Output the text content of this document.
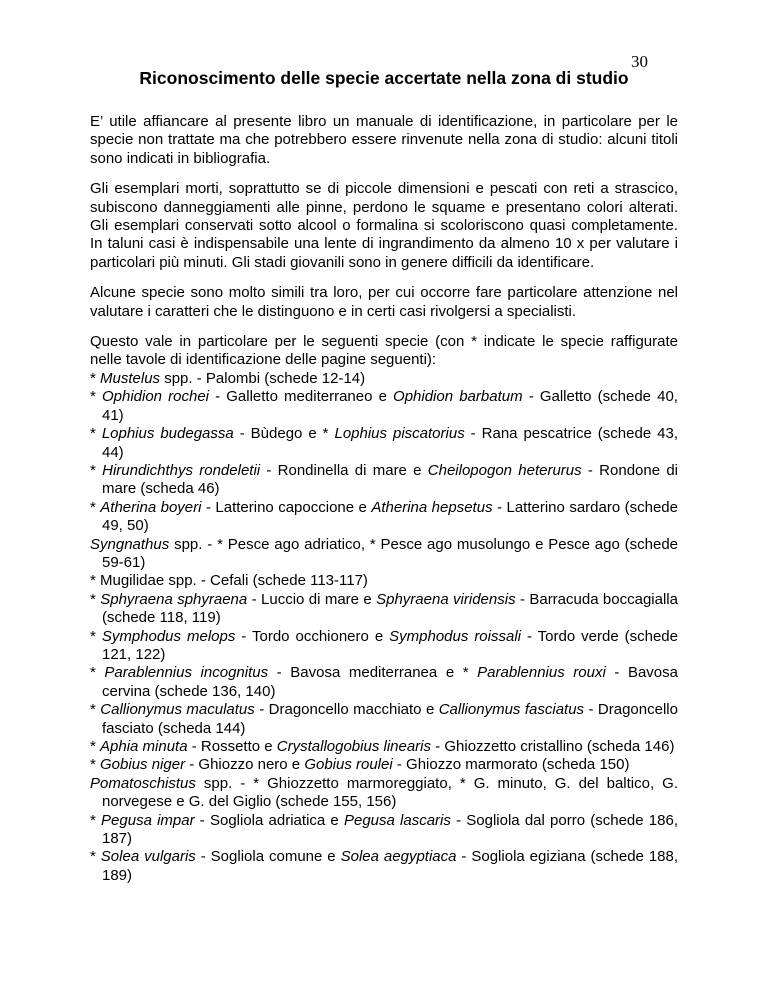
30
Riconoscimento delle specie accertate nella zona di studio

E’ utile affiancare al presente libro un manuale di identificazione, in particolare per le specie non trattate ma che potrebbero essere rinvenute nella zona di studio: alcuni titoli sono indicati in bibliografia.

Gli esemplari morti, soprattutto se di piccole dimensioni e pescati con reti a strascico, subiscono danneggiamenti alle pinne, perdono le squame e presentano colori alterati. Gli esemplari conservati sotto alcool o formalina si scoloriscono quasi completamente. In taluni casi è indispensabile una lente di ingrandimento da almeno 10 x per valutare i particolari più minuti. Gli stadi giovanili sono in genere difficili da identificare.

Alcune specie sono molto simili tra loro, per cui occorre fare particolare attenzione nel valutare i caratteri che le distinguono e in certi casi rivolgersi a specialisti.

Questo vale in particolare per le seguenti specie (con * indicate le specie raffigurate nelle tavole di identificazione delle pagine seguenti):

* Mustelus spp. - Palombi (schede 12-14)
* Ophidion rochei - Galletto mediterraneo e Ophidion barbatum - Galletto (schede 40, 41)
* Lophius budegassa - Bùdego e * Lophius piscatorius - Rana pescatrice (schede 43, 44)
* Hirundichthys rondeletii - Rondinella di mare e Cheilopogon heterurus - Rondone di mare (scheda 46)
* Atherina boyeri - Latterino capoccione e Atherina hepsetus - Latterino sardaro (schede 49, 50)
Syngnathus spp. - * Pesce ago adriatico, * Pesce ago musolungo e Pesce ago (schede 59-61)
* Mugilidae spp. - Cefali (schede 113-117)
* Sphyraena sphyraena - Luccio di mare e Sphyraena viridensis - Barracuda boccagialla (schede 118, 119)
* Symphodus melops - Tordo occhionero e Symphodus roissali - Tordo verde (schede 121, 122)
* Parablennius incognitus - Bavosa mediterranea e * Parablennius rouxi - Bavosa cervina (schede 136, 140)
* Callionymus maculatus - Dragoncello macchiato e Callionymus fasciatus - Dragoncello fasciato (scheda 144)
* Aphia minuta - Rossetto e Crystallogobius linearis - Ghiozzetto cristallino (scheda 146)
* Gobius niger - Ghiozzo nero e Gobius roulei - Ghiozzo marmorato (scheda 150)
Pomatoschistus spp. - * Ghiozzetto marmoreggiato, * G. minuto, G. del baltico, G. norvegese e G. del Giglio (schede 155, 156)
* Pegusa impar - Sogliola adriatica e Pegusa lascaris - Sogliola dal porro (schede 186, 187)
* Solea vulgaris - Sogliola comune e Solea aegyptiaca - Sogliola egiziana (schede 188, 189)
